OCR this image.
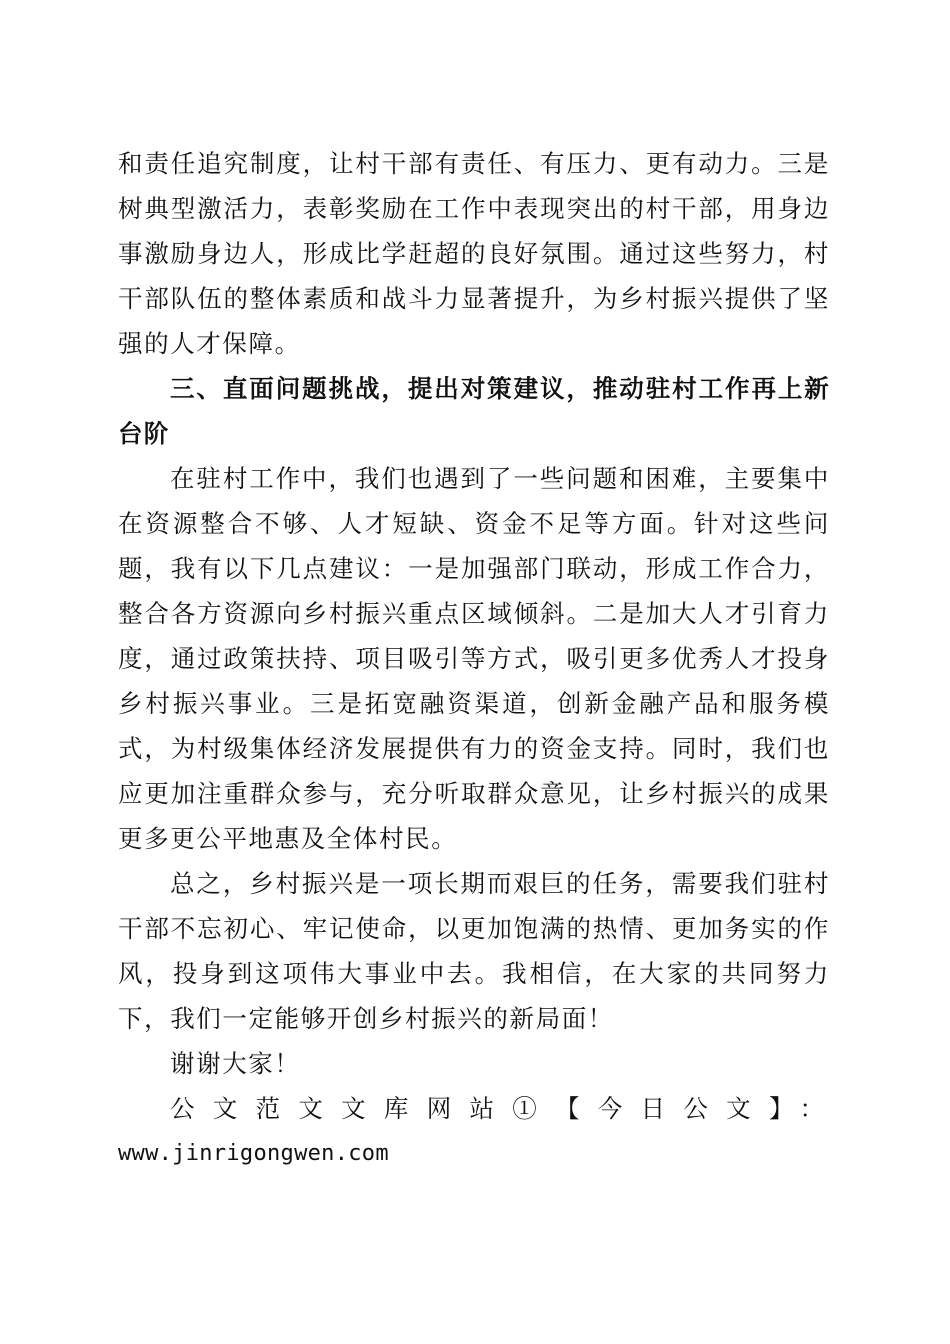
和责任追究制度，让村干部有责任、有压力、更有动力。三是树典型激活力，表彰奖励在工作中表现突出的村干部，用身边事激励身边人，形成比学赶超的良好氛围。通过这些努力，村干部队伍的整体素质和战斗力显著提升，为乡村振兴提供了坚强的人才保障。

三、直面问题挑战，提出对策建议，推动驻村工作再上新台阶

在驻村工作中，我们也遇到了一些问题和困难，主要集中在资源整合不够、人才短缺、资金不足等方面。针对这些问题，我有以下几点建议：一是加强部门联动，形成工作合力，整合各方资源向乡村振兴重点区域倾斜。二是加大人才引育力度，通过政策扶持、项目吸引等方式，吸引更多优秀人才投身乡村振兴事业。三是拓宽融资渠道，创新金融产品和服务模式，为村级集体经济发展提供有力的资金支持。同时，我们也应更加注重群众参与，充分听取群众意见，让乡村振兴的成果更多更公平地惠及全体村民。

总之，乡村振兴是一项长期而艰巨的任务，需要我们驻村干部不忘初心、牢记使命，以更加饱满的热情、更加务实的作风，投身到这项伟大事业中去。我相信，在大家的共同努力下，我们一定能够开创乡村振兴的新局面！

谢谢大家！

公文范文文库网站①【今日公文】：

www.jinrigongwen.com
